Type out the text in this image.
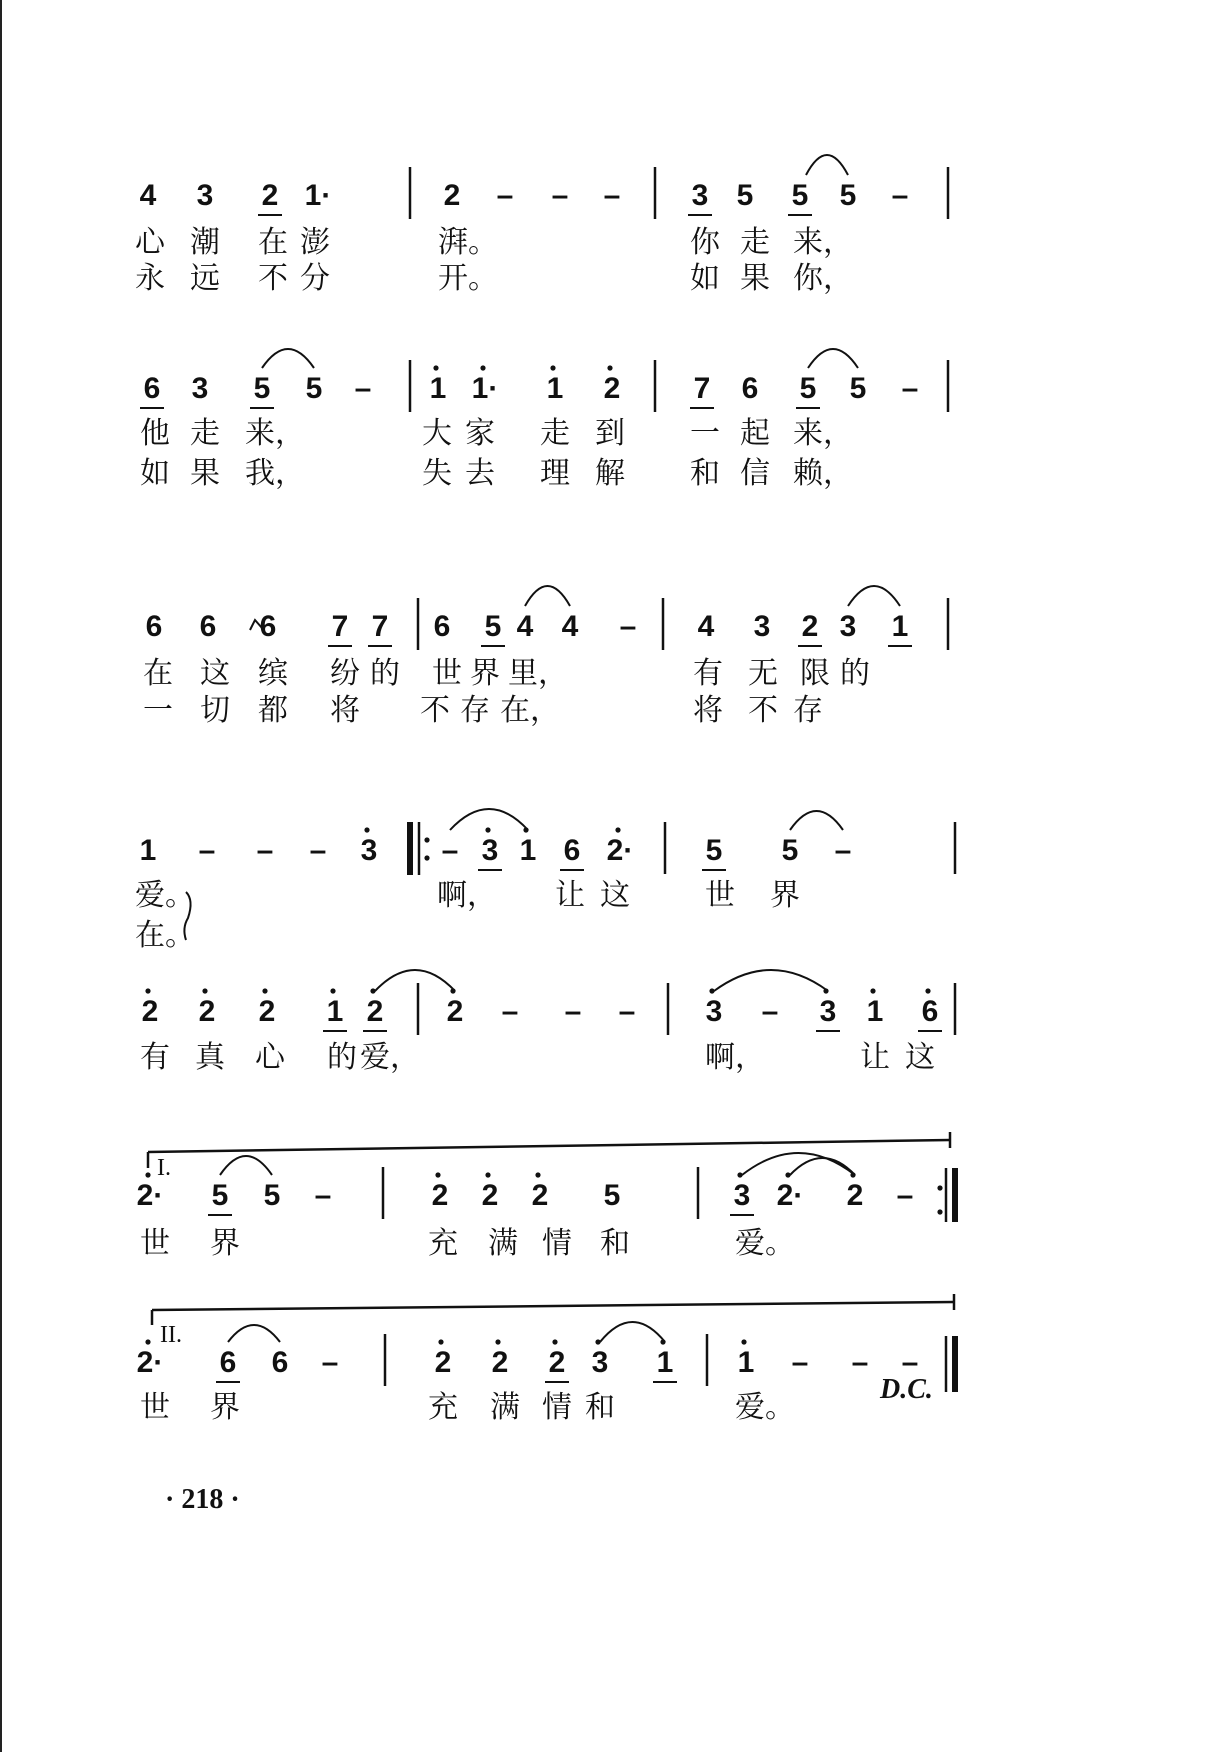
4 3 2 1·	2 – – – 3 5 5 5 –
心 潮 在 澎	湃。	你 走 来，
永 远 不 分	开。	如 果 你，
6 3 5 5 – 1 1· 1 2 7 6 5 5 –
他 走 来，	大 家 走 到 一 起 来，
如 果 我，	失 去 理 解 和 信 赖，
6 6 6 7 7 6 5 4 4 – 4 3 2 3 1
在 这 缤 纷 的 世 界 里，	有 无 限 的
一 切 都 将 不 存 在，	将 不 存
1 – – – 3 – 3 1 6 2· 5 5 –
爱。	啊， 让 这	世 界
在。
2 2 2 1 2 2 – – – 3 – 3 1 6
有 真 心 的 爱，	啊，	让 这
2· 5 5 –	2 2 2 5	3 2· 2 –
世 界	充 满 情 和	爱。
2· 6 6 –	2 2 2 3 1 1 – – –
世 界	充 满 情 和	爱。
I.
II.
D.C.
· 218 ·
